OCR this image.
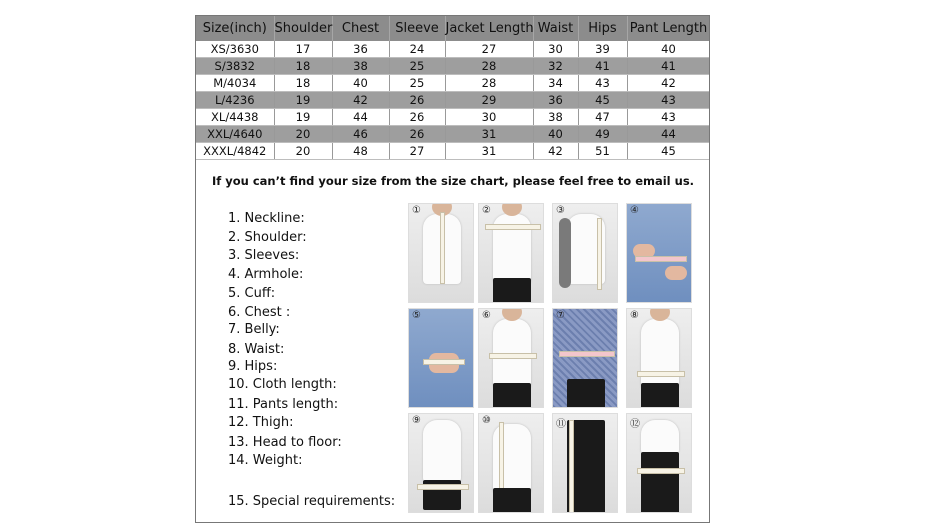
Size(inch)	Shoulder	Chest	Sleeve	Jacket Length	Waist	Hips	Pant Length
XS/3630	17	36	24	27	30	39	40
S/3832	18	38	25	28	32	41	41
M/4034	18	40	25	28	34	43	42
L/4236	19	42	26	29	36	45	43
XL/4438	19	44	26	30	38	47	43
XXL/4640	20	46	26	31	40	49	44
XXXL/4842	20	48	27	31	42	51	45
If you can’t find your size from the size chart, please feel free to email us.
1. Neckline:
2. Shoulder:
3. Sleeves:
4. Armhole:
5. Cuff:
6. Chest :
7. Belly:
8. Waist:
9. Hips:
10. Cloth length:
11. Pants length:
12. Thigh:
13. Head to floor:
14. Weight:
15. Special requirements:
①	②	③	④
⑤	⑥	⑦	⑧
⑨	⑩	⑪	⑫
